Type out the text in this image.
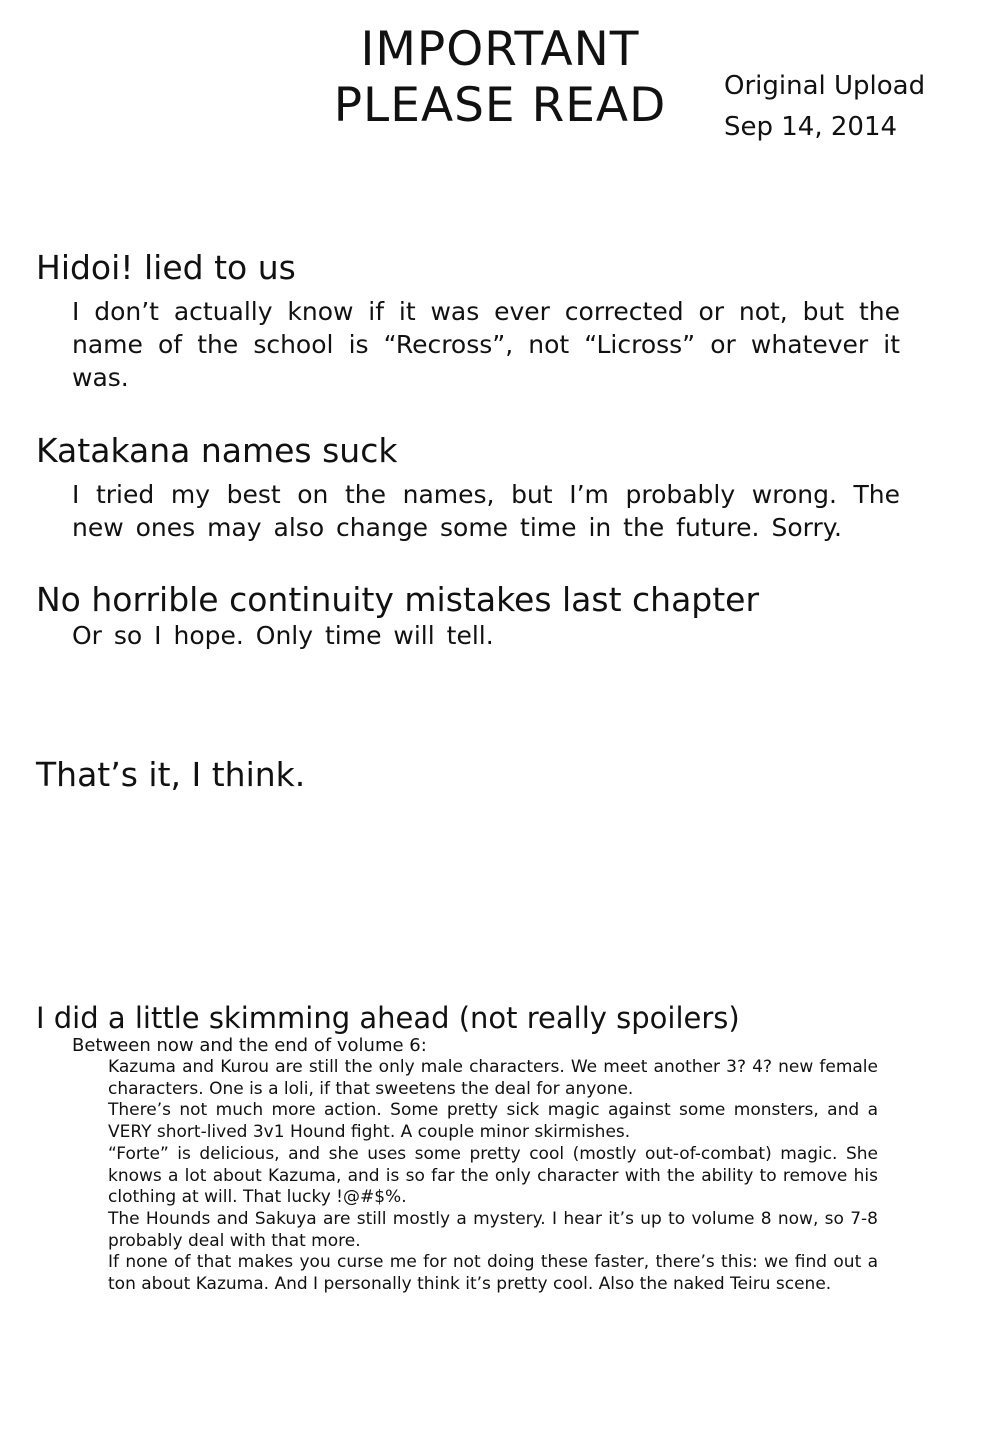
IMPORTANT
PLEASE READ	Original Upload
Sep 14, 2014
Hidoi! lied to us
I don’t actually know if it was ever corrected or not, but the name of the school is “Recross”, not “Licross” or whatever it was.
Katakana names suck
I tried my best on the names, but I’m probably wrong. The new ones may also change some time in the future. Sorry.
No horrible continuity mistakes last chapter
Or so I hope. Only time will tell.
That’s it, I think.
I did a little skimming ahead (not really spoilers)
Between now and the end of volume 6:

Kazuma and Kurou are still the only male characters. We meet another 3? 4? new female characters. One is a loli, if that sweetens the deal for anyone.

There’s not much more action. Some pretty sick magic against some monsters, and a VERY short-lived 3v1 Hound fight. A couple minor skirmishes.

“Forte” is delicious, and she uses some pretty cool (mostly out-of-combat) magic. She knows a lot about Kazuma, and is so far the only character with the ability to remove his clothing at will. That lucky !@#$%.

The Hounds and Sakuya are still mostly a mystery. I hear it’s up to volume 8 now, so 7-8 probably deal with that more.

If none of that makes you curse me for not doing these faster, there’s this: we find out a ton about Kazuma. And I personally think it’s pretty cool. Also the naked Teiru scene.
